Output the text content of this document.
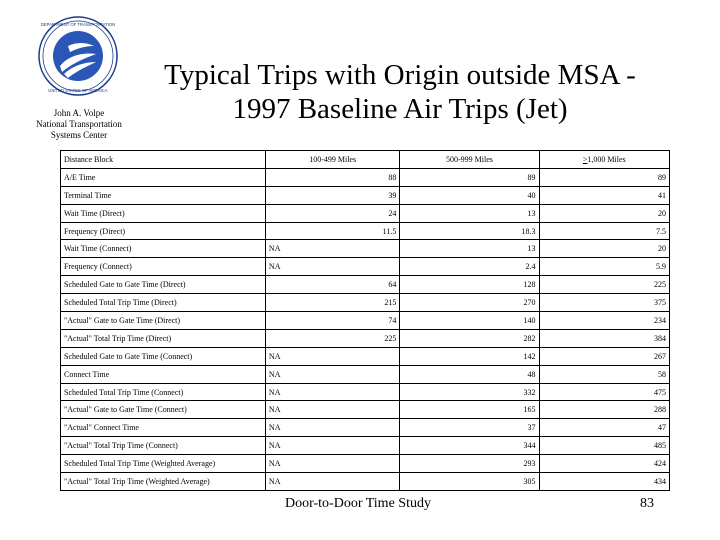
DEPARTMENT OF TRANSPORTATION
UNITED STATES OF AMERICA
John A. Volpe
National Transportation
Systems Center
Typical Trips with Origin outside MSA -
1997 Baseline Air Trips (Jet)
Distance Block	100-499 Miles	500-999 Miles	≥1,000 Miles
A/E Time	88	89	89
Terminal Time	39	40	41
Wait Time (Direct)	24	13	20
Frequency (Direct)	11.5	18.3	7.5
Wait Time (Connect)	NA	13	20
Frequency (Connect)	NA	2.4	5.9
Scheduled Gate to Gate Time (Direct)	64	128	225
Scheduled Total Trip Time (Direct)	215	270	375
"Actual" Gate to Gate Time (Direct)	74	140	234
"Actual" Total Trip Time (Direct)	225	282	384
Scheduled Gate to Gate Time (Connect)	NA	142	267
Connect Time	NA	48	58
Scheduled Total Trip Time (Connect)	NA	332	475
"Actual" Gate to Gate Time (Connect)	NA	165	288
"Actual" Connect Time	NA	37	47
"Actual" Total Trip Time (Connect)	NA	344	485
Scheduled Total Trip Time (Weighted Average)	NA	293	424
"Actual" Total Trip Time (Weighted Average)	NA	305	434
Door-to-Door Time Study	83
